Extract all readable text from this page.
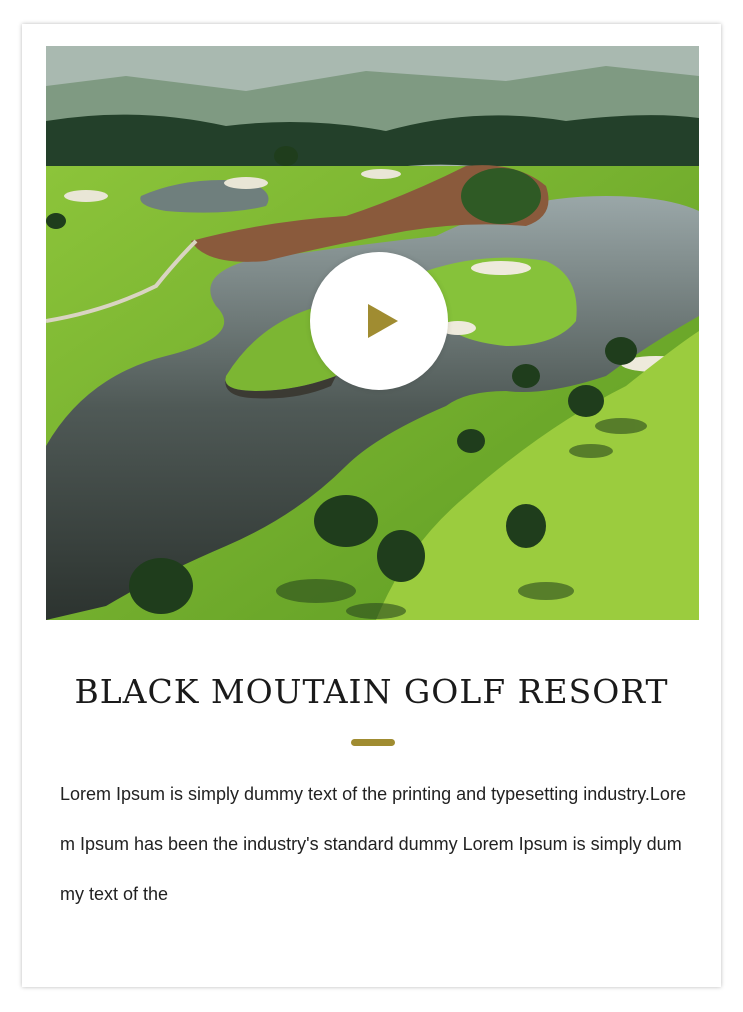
BLACK MOUTAIN GOLF RESORT
Lorem Ipsum is simply dummy text of the printing and typesetting industry.Lorem Ipsum has been the industry's standard dummy Lorem Ipsum is simply dummy text of the
